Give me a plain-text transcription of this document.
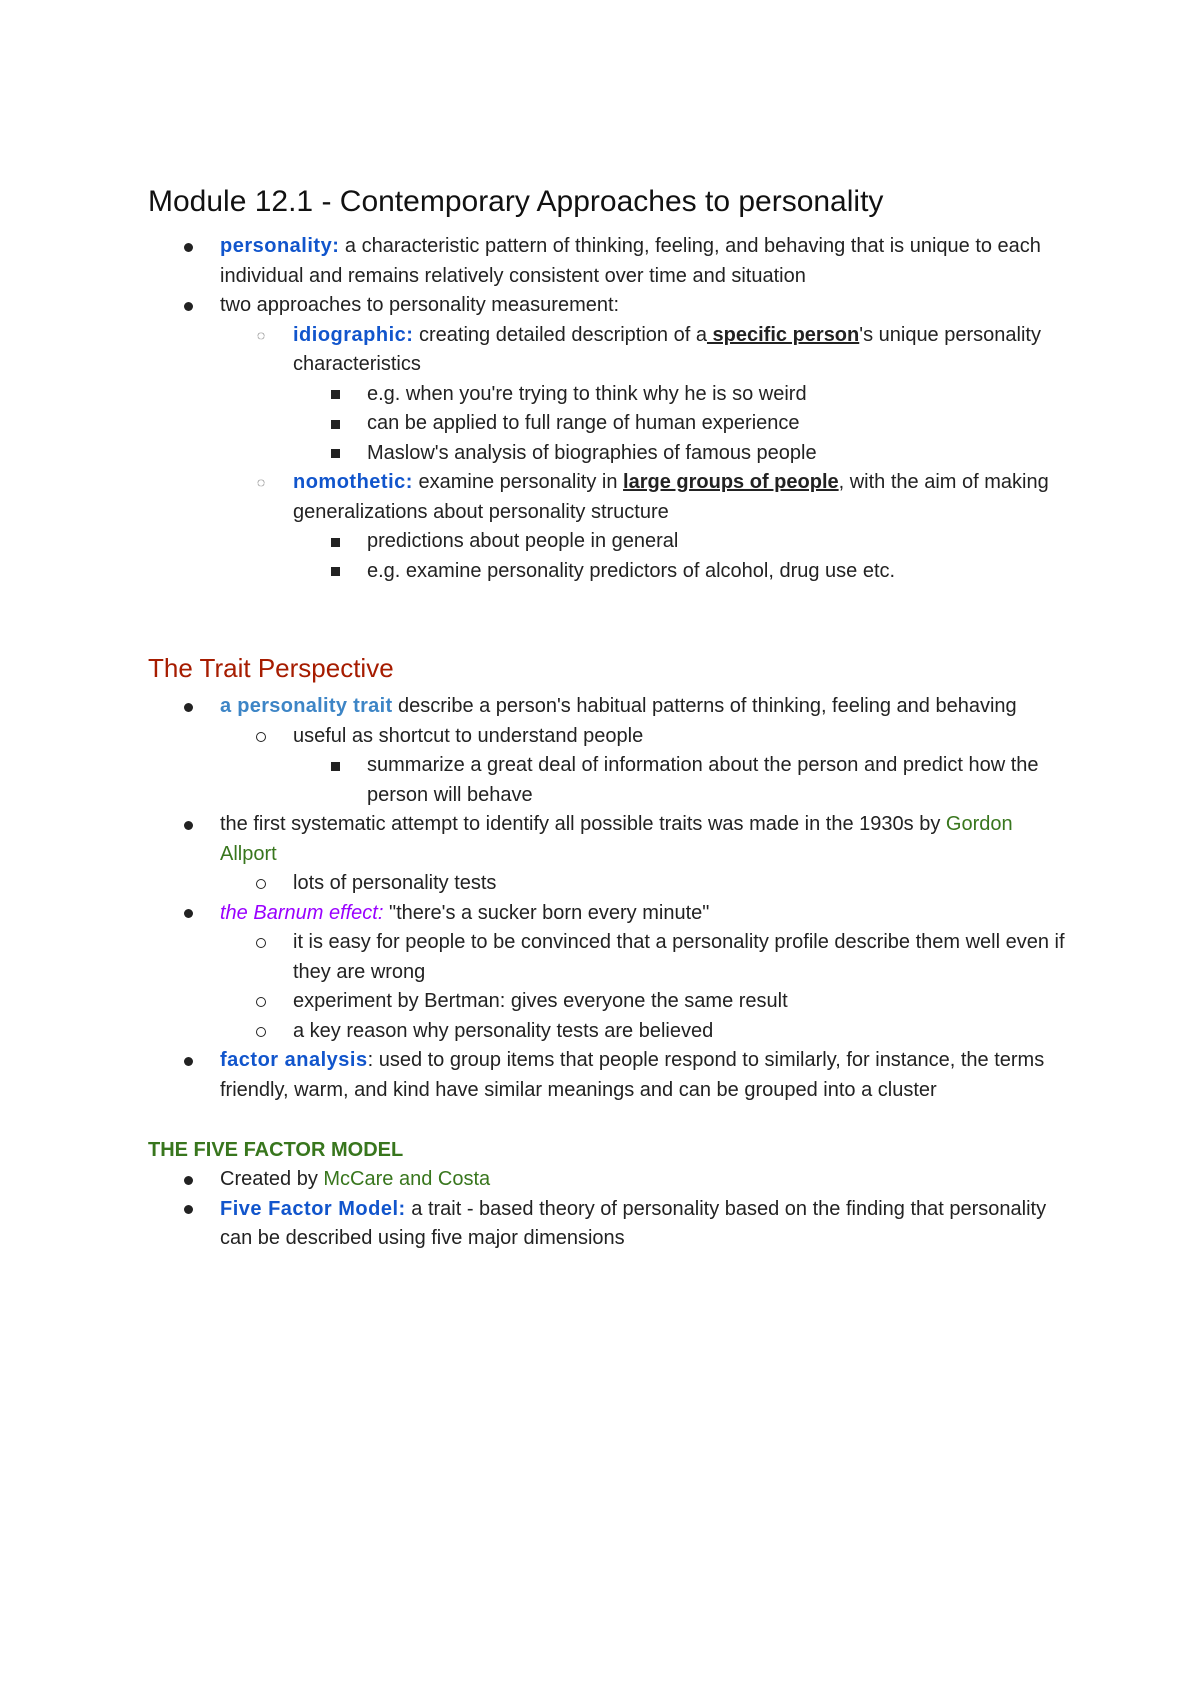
Module 12.1 - Contemporary Approaches to personality
personality: a characteristic pattern of thinking, feeling, and behaving that is unique to each individual and remains relatively consistent over time and situation
two approaches to personality measurement:
◌ idiographic: creating detailed description of a specific person's unique personality characteristics
e.g. when you're trying to think why he is so weird
can be applied to full range of human experience
Maslow's analysis of biographies of famous people
◌ nomothetic: examine personality in large groups of people, with the aim of making generalizations about personality structure
predictions about people in general
e.g. examine personality predictors of alcohol, drug use etc.
The Trait Perspective
a personality trait describe a person's habitual patterns of thinking, feeling and behaving
useful as shortcut to understand people
summarize a great deal of information about the person and predict how the person will behave
the first systematic attempt to identify all possible traits was made in the 1930s by Gordon Allport
lots of personality tests
the Barnum effect: "there's a sucker born every minute"
it is easy for people to be convinced that a personality profile describe them well even if they are wrong
experiment by Bertman: gives everyone the same result
a key reason why personality tests are believed
factor analysis: used to group items that people respond to similarly, for instance, the terms friendly, warm, and kind have similar meanings and can be grouped into a cluster
THE FIVE FACTOR MODEL
Created by McCare and Costa
Five Factor Model: a trait - based theory of personality based on the finding that personality can be described using five major dimensions
